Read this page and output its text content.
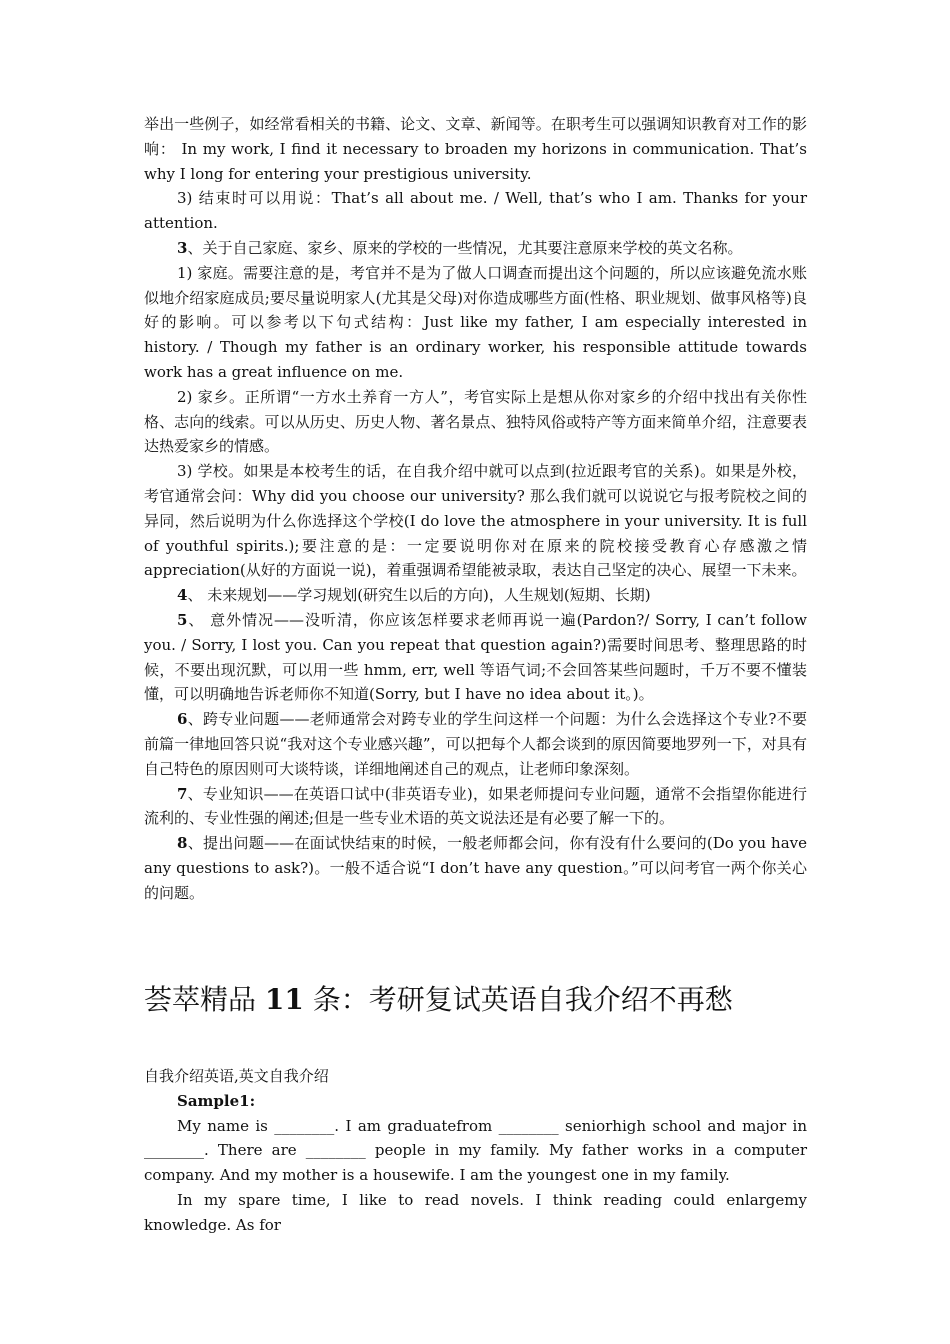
举出一些例子，如经常看相关的书籍、论文、文章、新闻等。在职考生可以强调知识教育对工作的影响： In my work, I find it necessary to broaden my horizons in communication. That’s why I long for entering your prestigious university.

3) 结束时可以用说：That’s all about me. / Well, that’s who I am. Thanks for your attention.

3、关于自己家庭、家乡、原来的学校的一些情况，尤其要注意原来学校的英文名称。

1) 家庭。需要注意的是，考官并不是为了做人口调查而提出这个问题的，所以应该避免流水账似地介绍家庭成员;要尽量说明家人(尤其是父母)对你造成哪些方面(性格、职业规划、做事风格等)良好的影响。可以参考以下句式结构：Just like my father, I am especially interested in history. / Though my father is an ordinary worker, his responsible attitude towards work has a great influence on me.

2) 家乡。正所谓“一方水土养育一方人”，考官实际上是想从你对家乡的介绍中找出有关你性格、志向的线索。可以从历史、历史人物、著名景点、独特风俗或特产等方面来简单介绍，注意要表达热爱家乡的情感。

3) 学校。如果是本校考生的话，在自我介绍中就可以点到(拉近跟考官的关系)。如果是外校，考官通常会问：Why did you choose our university? 那么我们就可以说说它与报考院校之间的异同，然后说明为什么你选择这个学校(I do love the atmosphere in your university. It is full of youthful spirits.);要注意的是：一定要说明你对在原来的院校接受教育心存感激之情appreciation(从好的方面说一说)，着重强调希望能被录取，表达自己坚定的决心、展望一下未来。

4、 未来规划——学习规划(研究生以后的方向)，人生规划(短期、长期)

5、 意外情况——没听清，你应该怎样要求老师再说一遍(Pardon?/ Sorry, I can’t follow you. / Sorry, I lost you. Can you repeat that question again?)需要时间思考、整理思路的时候，不要出现沉默，可以用一些 hmm, err, well 等语气词;不会回答某些问题时，千万不要不懂装懂，可以明确地告诉老师你不知道(Sorry, but I have no idea about it。)。

6、跨专业问题——老师通常会对跨专业的学生问这样一个问题：为什么会选择这个专业?不要前篇一律地回答只说“我对这个专业感兴趣”，可以把每个人都会谈到的原因简要地罗列一下，对具有自己特色的原因则可大谈特谈，详细地阐述自己的观点，让老师印象深刻。

7、专业知识——在英语口试中(非英语专业)，如果老师提问专业问题，通常不会指望你能进行流利的、专业性强的阐述;但是一些专业术语的英文说法还是有必要了解一下的。

8、提出问题——在面试快结束的时候，一般老师都会问，你有没有什么要问的(Do you have any questions to ask?)。一般不适合说“I don’t have any question。”可以问考官一两个你关心的问题。

荟萃精品 11 条：考研复试英语自我介绍不再愁

自我介绍英语,英文自我介绍

Sample1:

My name is ________. I am graduatefrom ________ seniorhigh school and major in ________. There are ________ people in my family. My father works in a computer company. And my mother is a housewife. I am the youngest one in my family.

In my spare time, I like to read novels. I think reading could enlargemy knowledge. As for
